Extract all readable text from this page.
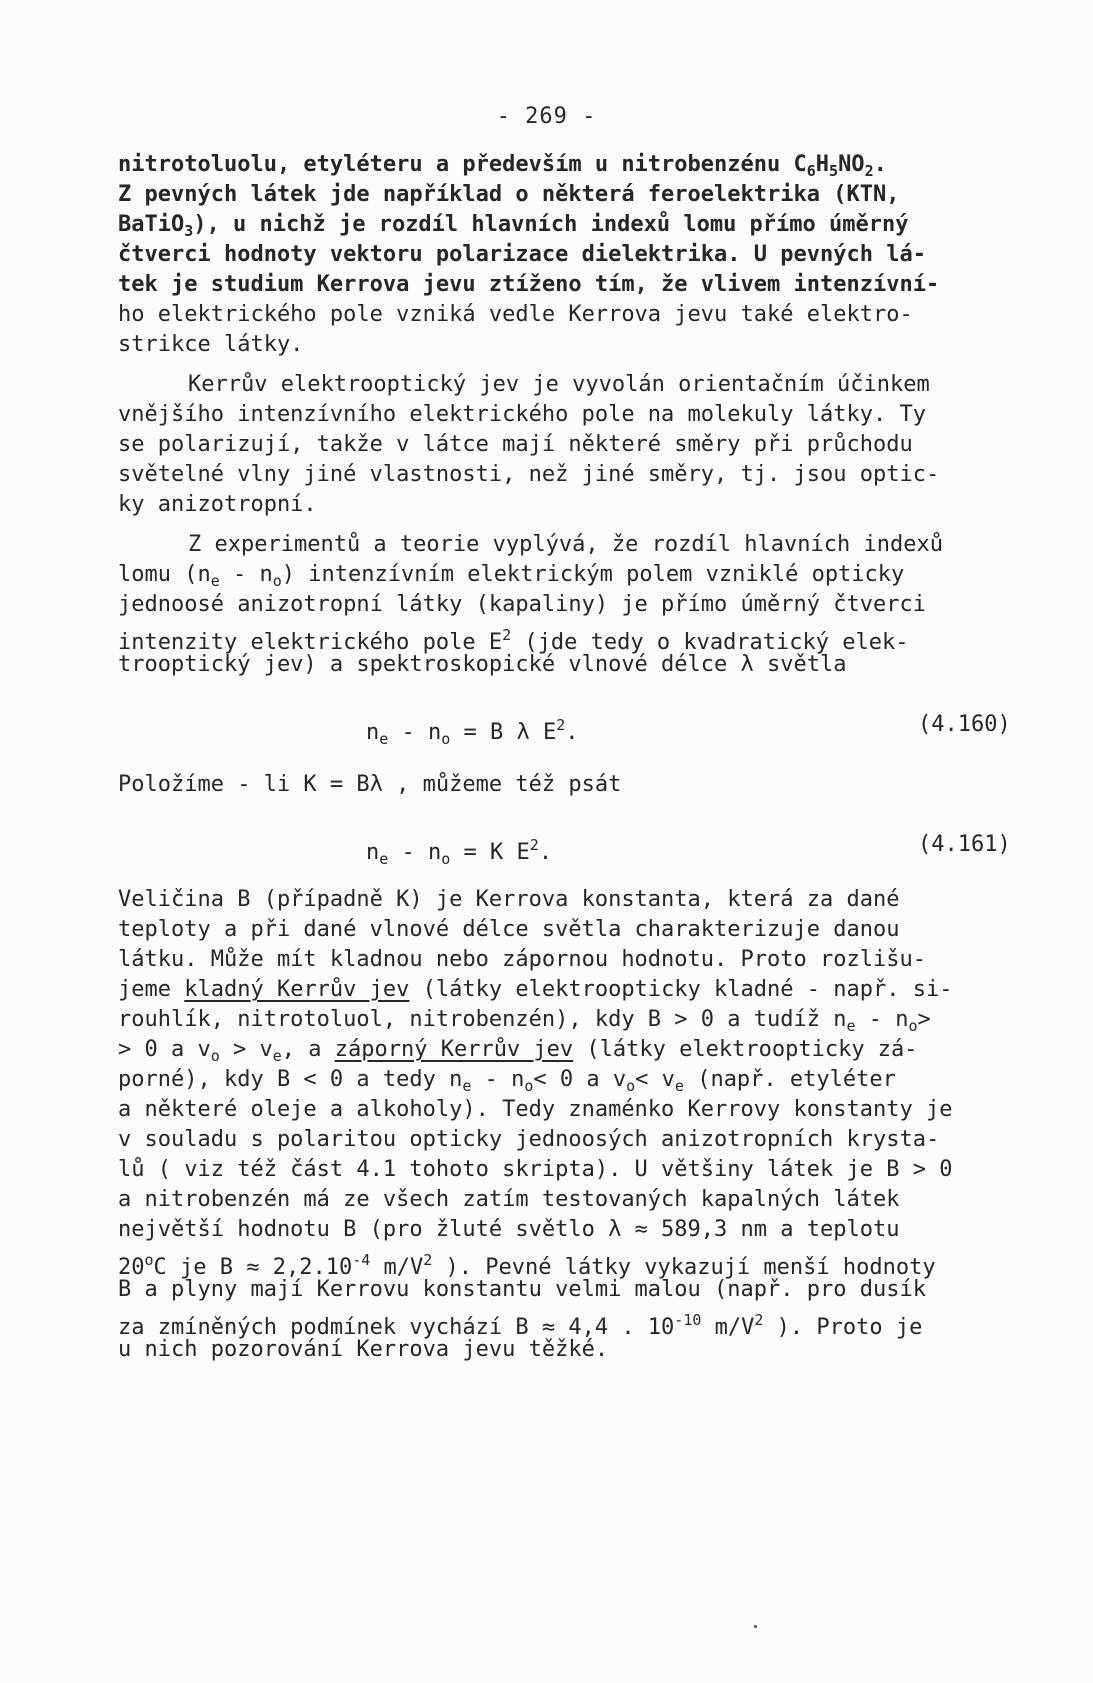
- 269 -
nitrotoluolu, etyléteru a především u nitrobenzénu $C_6H_5NO_2$.
Z pevných látek jde například o některá feroelektrika (KTN,
BaTiO$_3$), u nichž je rozdíl hlavních indexů lomu přímo úměrný
čtverci hodnoty vektoru polarizace dielektrika. U pevných lá-
tek je studium Kerrova jevu ztíženo tím, že vlivem intenzívní-
ho elektrického pole vzniká vedle Kerrova jevu také elektro-
strikce látky.
Kerrův elektrooptický jev je vyvolán orientačním účinkem
vnějšího intenzívního elektrického pole na molekuly látky. Ty
se polarizují, takže v látce mají některé směry při průchodu
světelné vlny jiné vlastnosti, než jiné směry, tj. jsou optic-
ky anizotropní.
Z experimentů a teorie vyplývá, že rozdíl hlavních indexů
lomu $(n_e - n_o)$ intenzívním elektrickým polem vzniklé opticky
jednoosé anizotropní látky (kapaliny) je přímo úměrný čtverci
intenzity elektrického pole $E^2$ (jde tedy o kvadratický elek-
trooptický jev) a spektroskopické vlnové délce λ světla
$n_e - n_o = B$ λ $E^2$.	(4.160)
Položíme - li K = Bλ , můžeme též psát
$n_e - n_o = K$ $E^2$.	(4.161)
Veličina B (případně K) je Kerrova konstanta, která za dané
teploty a při dané vlnové délce světla charakterizuje danou
látku. Může mít kladnou nebo zápornou hodnotu. Proto rozlišu-
jeme kladný Kerrův jev (látky elektroopticky kladné - např. si-
rouhlík, nitrotoluol, nitrobenzén), kdy B > 0 a tudíž $n_e - n_o>$
> 0 a $v_o > v_e$, a záporný Kerrův jev (látky elektroopticky zá-
porné), kdy B < 0 a tedy $n_e - n_o< 0$ a $v_o< v_e$ (např. etyléter
a některé oleje a alkoholy). Tedy znaménko Kerrovy konstanty je
v souladu s polaritou opticky jednoosých anizotropních krysta-
lů ( viz též část 4.1 tohoto skripta). U většiny látek je B > 0
a nitrobenzén má ze všech zatím testovaných kapalných látek
největší hodnotu B (pro žluté světlo λ ≈ 589,3 nm a teplotu
20$^o$C je $B \approx 2,2.10^{-4}$ $m/V^2$ ). Pevné látky vykazují menší hodnoty
B a plyny mají Kerrovu konstantu velmi malou (např. pro dusík
za zmíněných podmínek vychází B ≈ 4,4 . $10^{-10}$ $m/V^2$ ). Proto je
u nich pozorování Kerrova jevu těžké.
